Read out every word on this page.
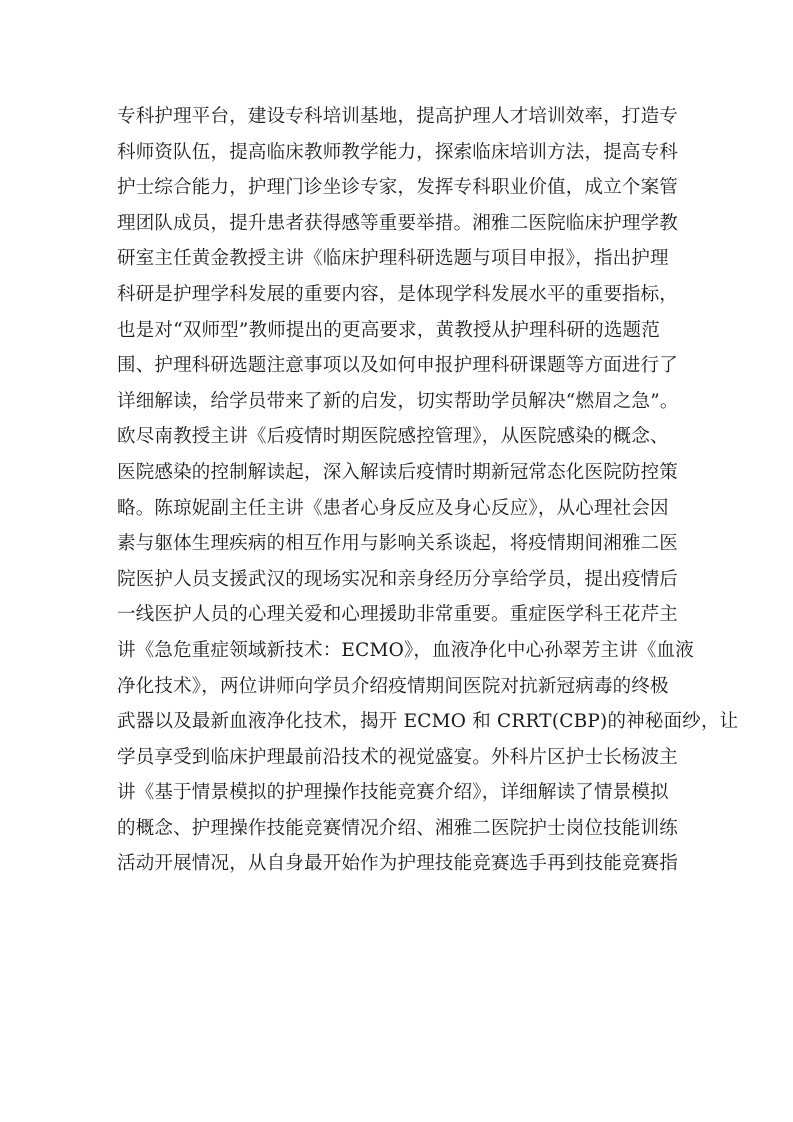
专科护理平台，建设专科培训基地，提高护理人才培训效率，打造专
科师资队伍，提高临床教师教学能力，探索临床培训方法，提高专科
护士综合能力，护理门诊坐诊专家，发挥专科职业价值，成立个案管
理团队成员，提升患者获得感等重要举措。湘雅二医院临床护理学教
研室主任黄金教授主讲《临床护理科研选题与项目申报》，指出护理
科研是护理学科发展的重要内容，是体现学科发展水平的重要指标，
也是对“双师型”教师提出的更高要求，黄教授从护理科研的选题范
围、护理科研选题注意事项以及如何申报护理科研课题等方面进行了
详细解读，给学员带来了新的启发，切实帮助学员解决“燃眉之急”。
欧尽南教授主讲《后疫情时期医院感控管理》，从医院感染的概念、
医院感染的控制解读起，深入解读后疫情时期新冠常态化医院防控策
略。陈琼妮副主任主讲《患者心身反应及身心反应》，从心理社会因
素与躯体生理疾病的相互作用与影响关系谈起，将疫情期间湘雅二医
院医护人员支援武汉的现场实况和亲身经历分享给学员，提出疫情后
一线医护人员的心理关爱和心理援助非常重要。重症医学科王花芹主
讲《急危重症领域新技术：ECMO》，血液净化中心孙翠芳主讲《血液
净化技术》，两位讲师向学员介绍疫情期间医院对抗新冠病毒的终极
武器以及最新血液净化技术，揭开 ECMO 和 CRRT(CBP)的神秘面纱，让
学员享受到临床护理最前沿技术的视觉盛宴。外科片区护士长杨波主
讲《基于情景模拟的护理操作技能竞赛介绍》，详细解读了情景模拟
的概念、护理操作技能竞赛情况介绍、湘雅二医院护士岗位技能训练
活动开展情况，从自身最开始作为护理技能竞赛选手再到技能竞赛指
